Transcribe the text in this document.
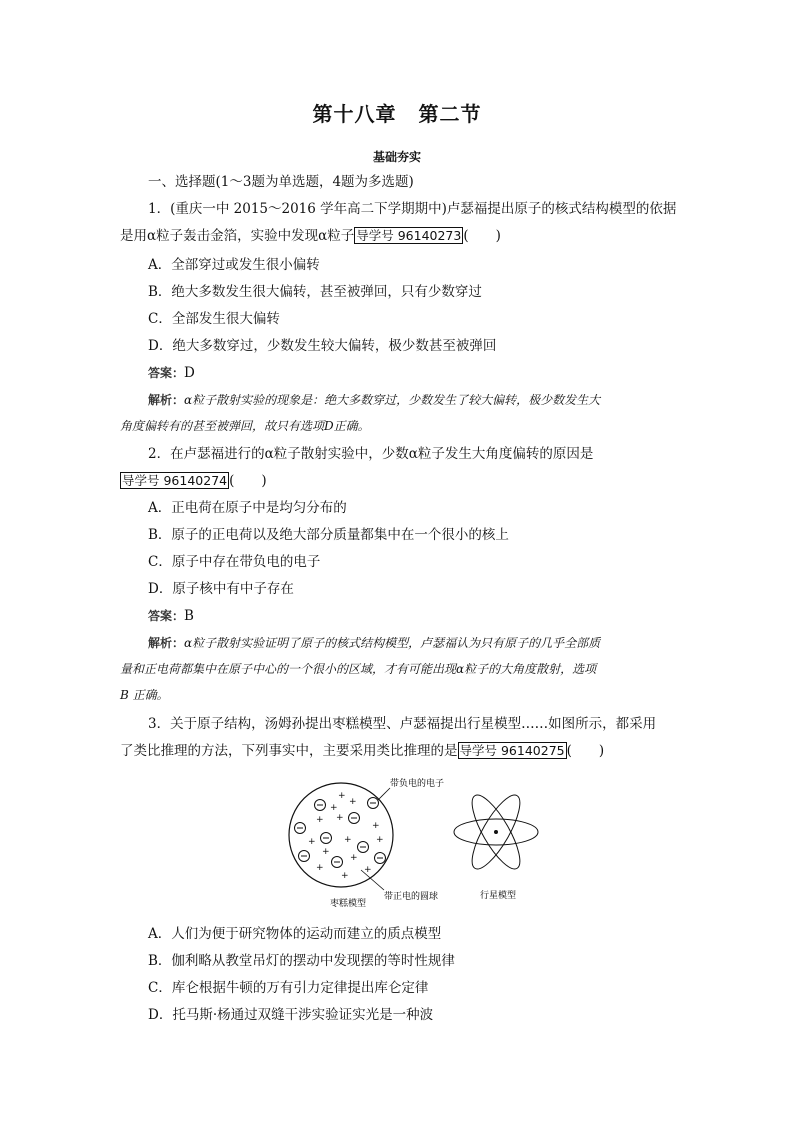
第十八章 第二节
基础夯实
一、选择题(1～3题为单选题，4题为多选题)
1．(重庆一中 2015～2016 学年高二下学期期中)卢瑟福提出原子的核式结构模型的依据
是用α粒子轰击金箔，实验中发现α粒子 导学号 96140273 (　　)
A．全部穿过或发生很小偏转
B．绝大多数发生很大偏转，甚至被弹回，只有少数穿过
C．全部发生很大偏转
D．绝大多数穿过，少数发生较大偏转，极少数甚至被弹回
答案：D
解析：α粒子散射实验的现象是：绝大多数穿过，少数发生了较大偏转，极少数发生大
角度偏转有的甚至被弹回，故只有选项D正确。
2．在卢瑟福进行的α粒子散射实验中，少数α粒子发生大角度偏转的原因是
导学号 96140274 (　　)
A．正电荷在原子中是均匀分布的
B．原子的正电荷以及绝大部分质量都集中在一个很小的核上
C．原子中存在带负电的电子
D．原子核中有中子存在
答案：B
解析：α粒子散射实验证明了原子的核式结构模型，卢瑟福认为只有原子的几乎全部质
量和正电荷都集中在原子中心的一个很小的区域，才有可能出现α粒子的大角度散射，选项
B 正确。
3．关于原子结构，汤姆孙提出枣糕模型、卢瑟福提出行星模型……如图所示，都采用
了类比推理的方法，下列事实中，主要采用类比推理的是 导学号 96140275 (　　)
+
+
+ +
+
+	+
+
+
+	+
+
+
+
带负电的电子
带正电的圆球
枣糕模型
行星模型
A．人们为便于研究物体的运动而建立的质点模型
B．伽利略从教堂吊灯的摆动中发现摆的等时性规律
C．库仑根据牛顿的万有引力定律提出库仑定律
D．托马斯·杨通过双缝干涉实验证实光是一种波
